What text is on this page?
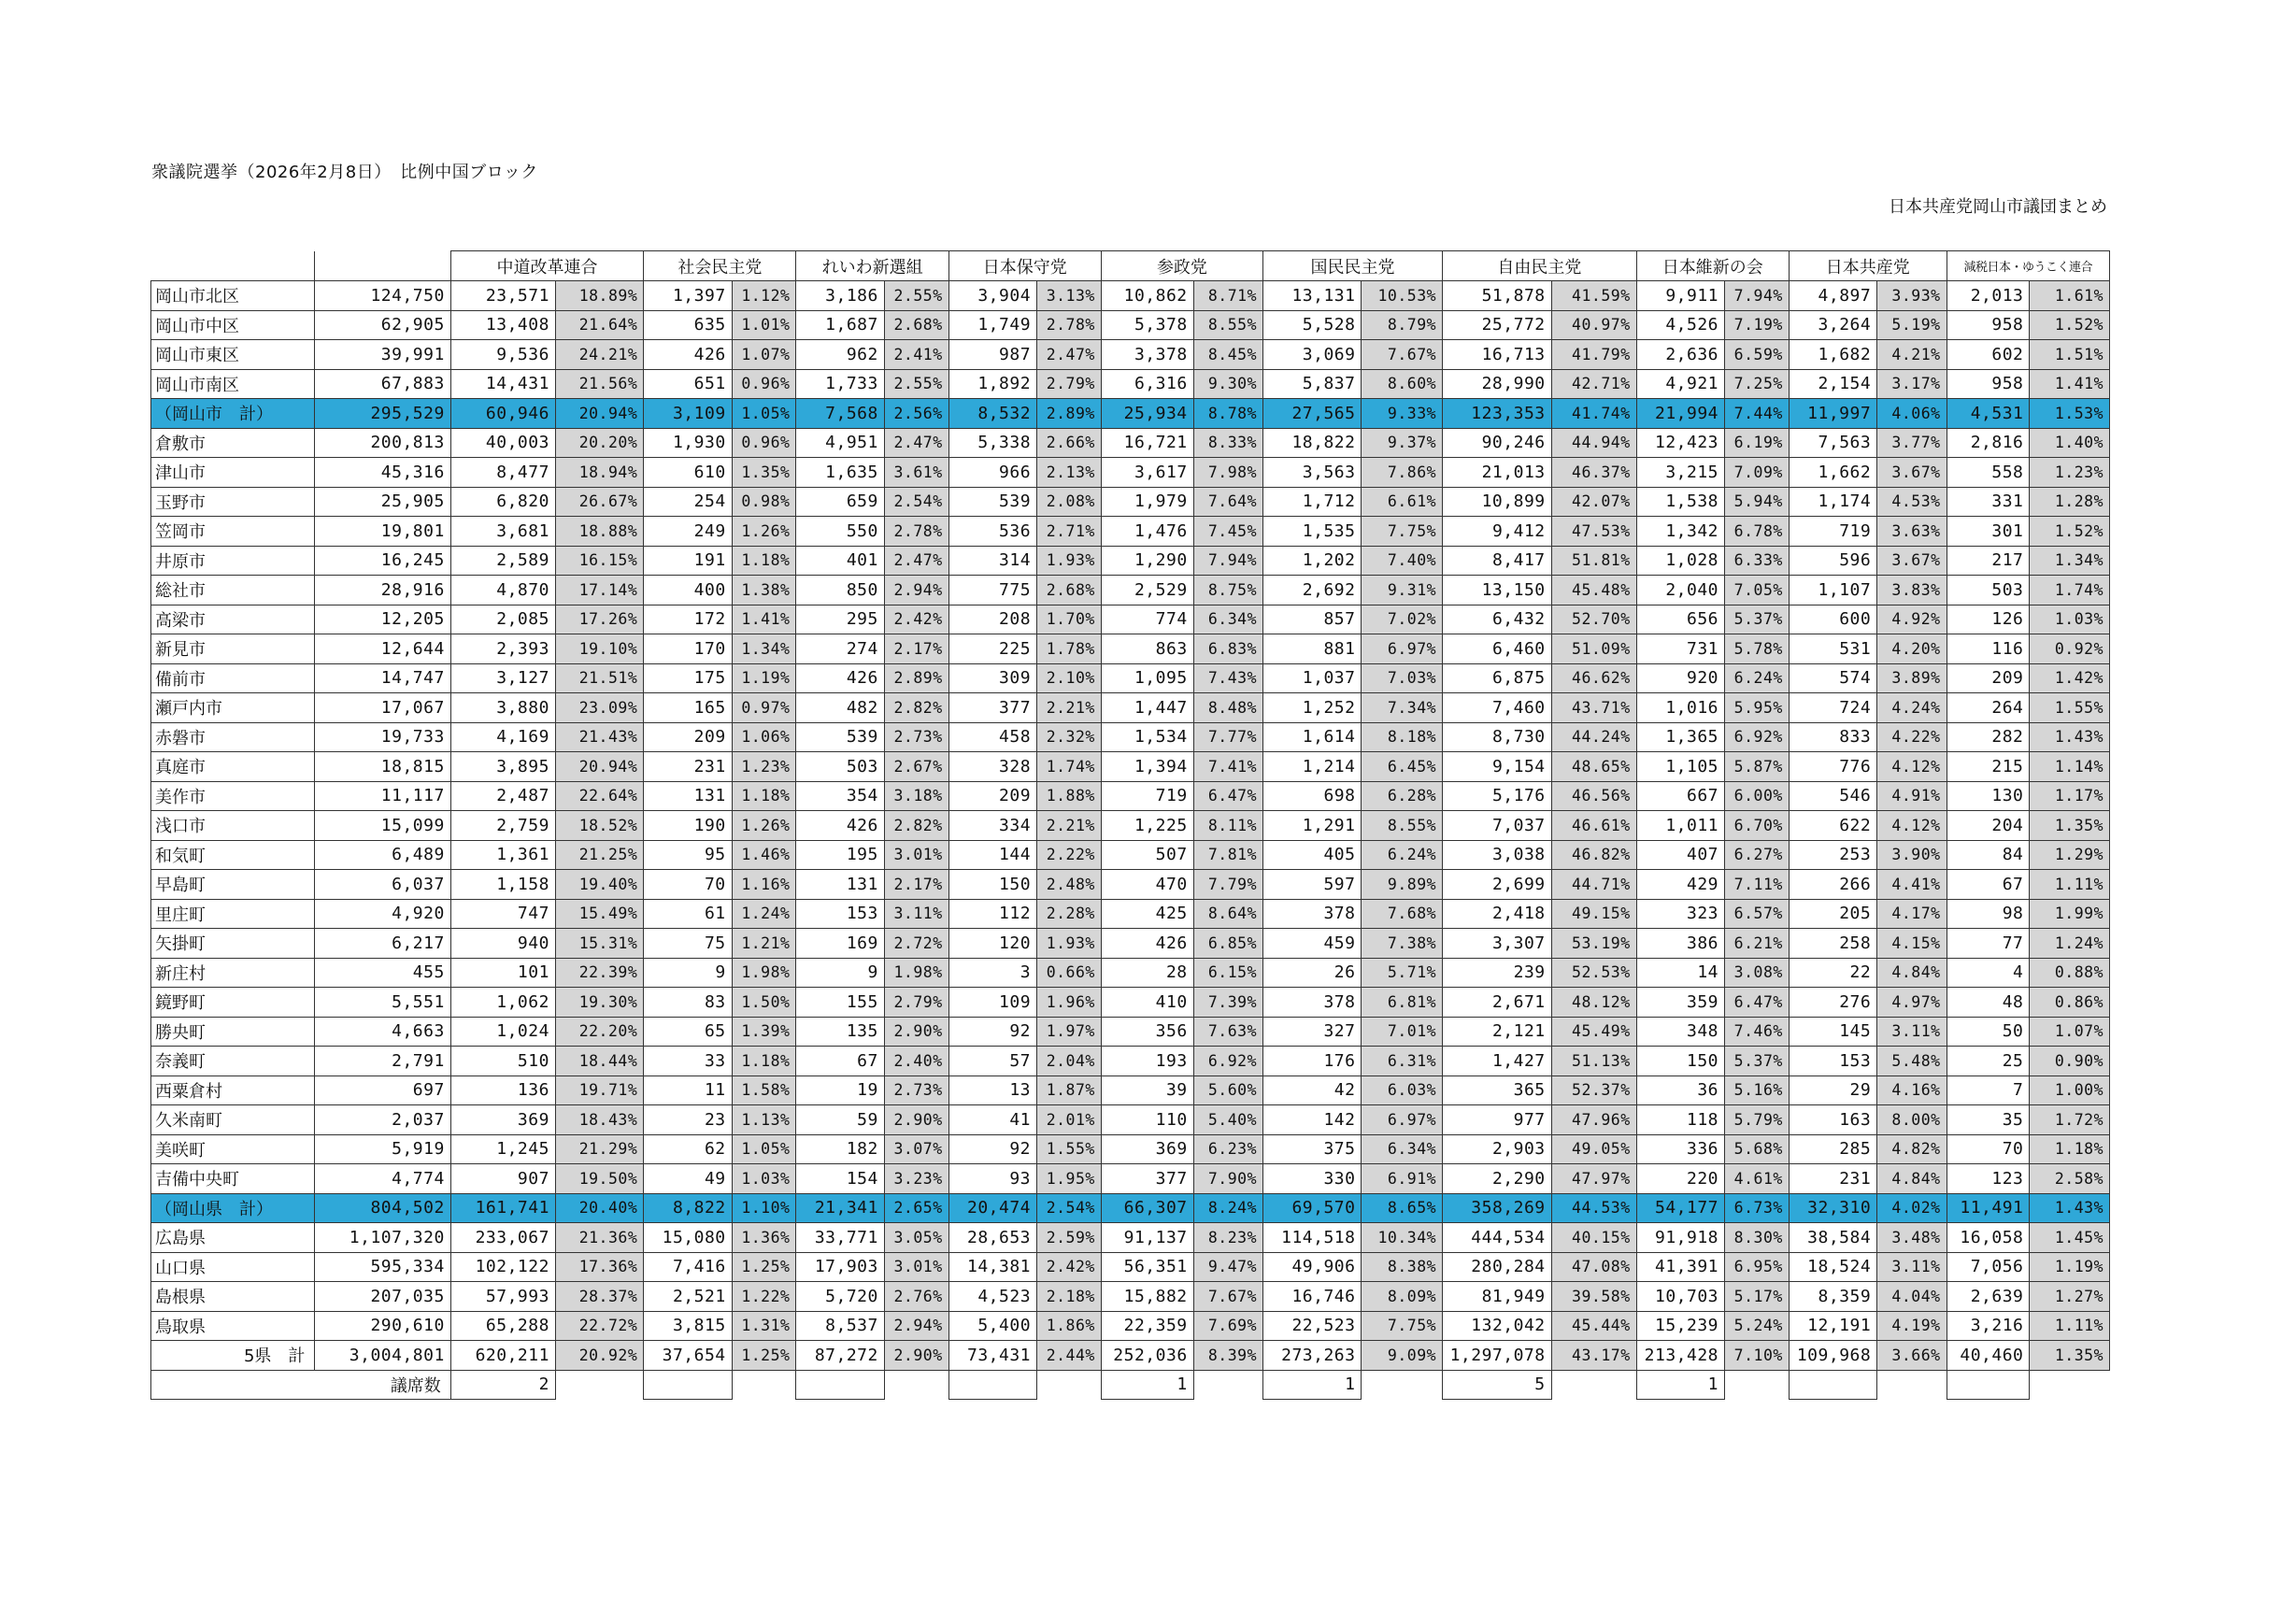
衆議院選挙（2026年2月8日）　比例中国ブロック
日本共産党岡山市議団まとめ
		中道改革連合		社会民主党		れいわ新選組		日本保守党		参政党		国民民主党		自由民主党		日本維新の会		日本共産党		減税日本・ゆうこく連合	
岡山市北区	124,750	23,571	18.89%	1,397	1.12%	3,186	2.55%	3,904	3.13%	10,862	8.71%	13,131	10.53%	51,878	41.59%	9,911	7.94%	4,897	3.93%	2,013	1.61%
岡山市中区	62,905	13,408	21.64%	635	1.01%	1,687	2.68%	1,749	2.78%	5,378	8.55%	5,528	8.79%	25,772	40.97%	4,526	7.19%	3,264	5.19%	958	1.52%
岡山市東区	39,991	9,536	24.21%	426	1.07%	962	2.41%	987	2.47%	3,378	8.45%	3,069	7.67%	16,713	41.79%	2,636	6.59%	1,682	4.21%	602	1.51%
岡山市南区	67,883	14,431	21.56%	651	0.96%	1,733	2.55%	1,892	2.79%	6,316	9.30%	5,837	8.60%	28,990	42.71%	4,921	7.25%	2,154	3.17%	958	1.41%
（岡山市　計）	295,529	60,946	20.94%	3,109	1.05%	7,568	2.56%	8,532	2.89%	25,934	8.78%	27,565	9.33%	123,353	41.74%	21,994	7.44%	11,997	4.06%	4,531	1.53%
倉敷市	200,813	40,003	20.20%	1,930	0.96%	4,951	2.47%	5,338	2.66%	16,721	8.33%	18,822	9.37%	90,246	44.94%	12,423	6.19%	7,563	3.77%	2,816	1.40%
津山市	45,316	8,477	18.94%	610	1.35%	1,635	3.61%	966	2.13%	3,617	7.98%	3,563	7.86%	21,013	46.37%	3,215	7.09%	1,662	3.67%	558	1.23%
玉野市	25,905	6,820	26.67%	254	0.98%	659	2.54%	539	2.08%	1,979	7.64%	1,712	6.61%	10,899	42.07%	1,538	5.94%	1,174	4.53%	331	1.28%
笠岡市	19,801	3,681	18.88%	249	1.26%	550	2.78%	536	2.71%	1,476	7.45%	1,535	7.75%	9,412	47.53%	1,342	6.78%	719	3.63%	301	1.52%
井原市	16,245	2,589	16.15%	191	1.18%	401	2.47%	314	1.93%	1,290	7.94%	1,202	7.40%	8,417	51.81%	1,028	6.33%	596	3.67%	217	1.34%
総社市	28,916	4,870	17.14%	400	1.38%	850	2.94%	775	2.68%	2,529	8.75%	2,692	9.31%	13,150	45.48%	2,040	7.05%	1,107	3.83%	503	1.74%
高梁市	12,205	2,085	17.26%	172	1.41%	295	2.42%	208	1.70%	774	6.34%	857	7.02%	6,432	52.70%	656	5.37%	600	4.92%	126	1.03%
新見市	12,644	2,393	19.10%	170	1.34%	274	2.17%	225	1.78%	863	6.83%	881	6.97%	6,460	51.09%	731	5.78%	531	4.20%	116	0.92%
備前市	14,747	3,127	21.51%	175	1.19%	426	2.89%	309	2.10%	1,095	7.43%	1,037	7.03%	6,875	46.62%	920	6.24%	574	3.89%	209	1.42%
瀬戸内市	17,067	3,880	23.09%	165	0.97%	482	2.82%	377	2.21%	1,447	8.48%	1,252	7.34%	7,460	43.71%	1,016	5.95%	724	4.24%	264	1.55%
赤磐市	19,733	4,169	21.43%	209	1.06%	539	2.73%	458	2.32%	1,534	7.77%	1,614	8.18%	8,730	44.24%	1,365	6.92%	833	4.22%	282	1.43%
真庭市	18,815	3,895	20.94%	231	1.23%	503	2.67%	328	1.74%	1,394	7.41%	1,214	6.45%	9,154	48.65%	1,105	5.87%	776	4.12%	215	1.14%
美作市	11,117	2,487	22.64%	131	1.18%	354	3.18%	209	1.88%	719	6.47%	698	6.28%	5,176	46.56%	667	6.00%	546	4.91%	130	1.17%
浅口市	15,099	2,759	18.52%	190	1.26%	426	2.82%	334	2.21%	1,225	8.11%	1,291	8.55%	7,037	46.61%	1,011	6.70%	622	4.12%	204	1.35%
和気町	6,489	1,361	21.25%	95	1.46%	195	3.01%	144	2.22%	507	7.81%	405	6.24%	3,038	46.82%	407	6.27%	253	3.90%	84	1.29%
早島町	6,037	1,158	19.40%	70	1.16%	131	2.17%	150	2.48%	470	7.79%	597	9.89%	2,699	44.71%	429	7.11%	266	4.41%	67	1.11%
里庄町	4,920	747	15.49%	61	1.24%	153	3.11%	112	2.28%	425	8.64%	378	7.68%	2,418	49.15%	323	6.57%	205	4.17%	98	1.99%
矢掛町	6,217	940	15.31%	75	1.21%	169	2.72%	120	1.93%	426	6.85%	459	7.38%	3,307	53.19%	386	6.21%	258	4.15%	77	1.24%
新庄村	455	101	22.39%	9	1.98%	9	1.98%	3	0.66%	28	6.15%	26	5.71%	239	52.53%	14	3.08%	22	4.84%	4	0.88%
鏡野町	5,551	1,062	19.30%	83	1.50%	155	2.79%	109	1.96%	410	7.39%	378	6.81%	2,671	48.12%	359	6.47%	276	4.97%	48	0.86%
勝央町	4,663	1,024	22.20%	65	1.39%	135	2.90%	92	1.97%	356	7.63%	327	7.01%	2,121	45.49%	348	7.46%	145	3.11%	50	1.07%
奈義町	2,791	510	18.44%	33	1.18%	67	2.40%	57	2.04%	193	6.92%	176	6.31%	1,427	51.13%	150	5.37%	153	5.48%	25	0.90%
西粟倉村	697	136	19.71%	11	1.58%	19	2.73%	13	1.87%	39	5.60%	42	6.03%	365	52.37%	36	5.16%	29	4.16%	7	1.00%
久米南町	2,037	369	18.43%	23	1.13%	59	2.90%	41	2.01%	110	5.40%	142	6.97%	977	47.96%	118	5.79%	163	8.00%	35	1.72%
美咲町	5,919	1,245	21.29%	62	1.05%	182	3.07%	92	1.55%	369	6.23%	375	6.34%	2,903	49.05%	336	5.68%	285	4.82%	70	1.18%
吉備中央町	4,774	907	19.50%	49	1.03%	154	3.23%	93	1.95%	377	7.90%	330	6.91%	2,290	47.97%	220	4.61%	231	4.84%	123	2.58%
（岡山県　計）	804,502	161,741	20.40%	8,822	1.10%	21,341	2.65%	20,474	2.54%	66,307	8.24%	69,570	8.65%	358,269	44.53%	54,177	6.73%	32,310	4.02%	11,491	1.43%
広島県	1,107,320	233,067	21.36%	15,080	1.36%	33,771	3.05%	28,653	2.59%	91,137	8.23%	114,518	10.34%	444,534	40.15%	91,918	8.30%	38,584	3.48%	16,058	1.45%
山口県	595,334	102,122	17.36%	7,416	1.25%	17,903	3.01%	14,381	2.42%	56,351	9.47%	49,906	8.38%	280,284	47.08%	41,391	6.95%	18,524	3.11%	7,056	1.19%
島根県	207,035	57,993	28.37%	2,521	1.22%	5,720	2.76%	4,523	2.18%	15,882	7.67%	16,746	8.09%	81,949	39.58%	10,703	5.17%	8,359	4.04%	2,639	1.27%
鳥取県	290,610	65,288	22.72%	3,815	1.31%	8,537	2.94%	5,400	1.86%	22,359	7.69%	22,523	7.75%	132,042	45.44%	15,239	5.24%	12,191	4.19%	3,216	1.11%
5県　計	3,004,801	620,211	20.92%	37,654	1.25%	87,272	2.90%	73,431	2.44%	252,036	8.39%	273,263	9.09%	1,297,078	43.17%	213,428	7.10%	109,968	3.66%	40,460	1.35%
議席数		2								1		1		5		1					
